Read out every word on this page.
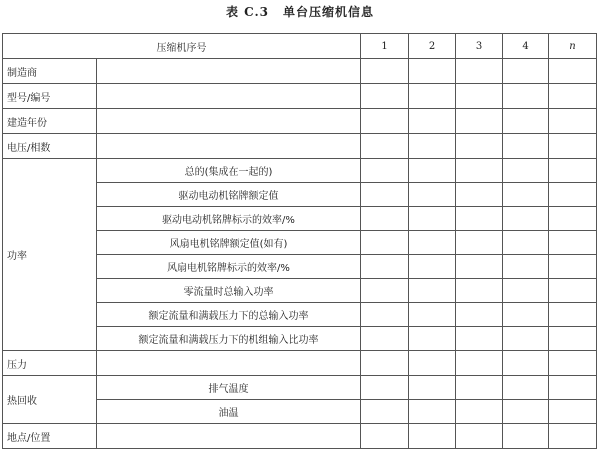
表 C.3 单台压缩机信息
压缩机序号		1	2	3	4	n
制造商						
型号/编号						
建造年份						
电压/相数						
功率	总的(集成在一起的)					
	驱动电动机铭牌额定值					
	驱动电动机铭牌标示的效率/%					
	风扇电机铭牌额定值(如有)					
	风扇电机铭牌标示的效率/%					
	零流量时总输入功率					
	额定流量和满载压力下的总输入功率					
	额定流量和满载压力下的机组输入比功率					
压力						
热回收	排气温度					
	油温					
地点/位置						
